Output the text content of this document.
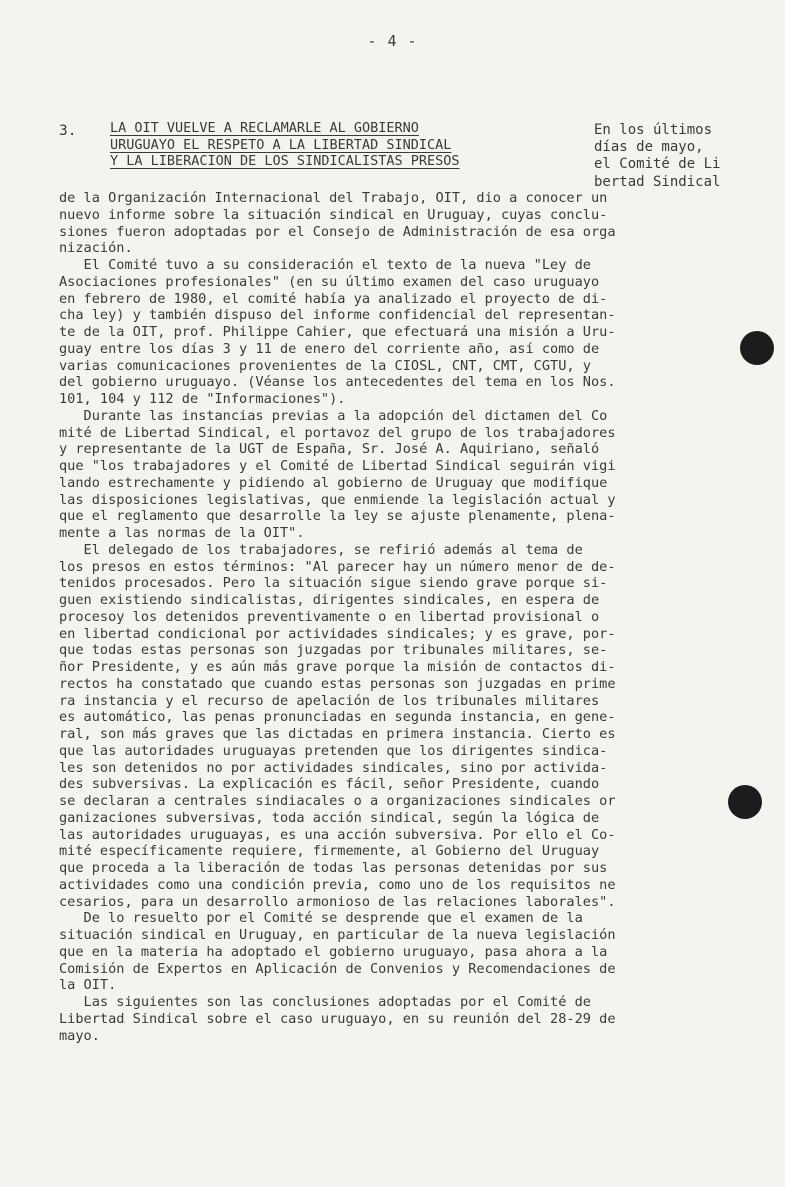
- 4 -
3. LA OIT VUELVE A RECLAMARLE AL GOBIERNO
URUGUAYO EL RESPETO A LA LIBERTAD SINDICAL
Y LA LIBERACION DE LOS SINDICALISTAS PRESOS
En los últimos
días de mayo,
el Comité de Li
bertad Sindical
de la Organización Internacional del Trabajo, OIT, dio a conocer un
nuevo informe sobre la situación sindical en Uruguay, cuyas conclu-
siones fueron adoptadas por el Consejo de Administración de esa orga
nización.
El Comité tuvo a su consideración el texto de la nueva "Ley de
Asociaciones profesionales" (en su último examen del caso uruguayo
en febrero de 1980, el comité había ya analizado el proyecto de di-
cha ley) y también dispuso del informe confidencial del representan-
te de la OIT, prof. Philippe Cahier, que efectuará una misión a Uru-
guay entre los días 3 y 11 de enero del corriente año, así como de
varias comunicaciones provenientes de la CIOSL, CNT, CMT, CGTU, y
del gobierno uruguayo. (Véanse los antecedentes del tema en los Nos.
101, 104 y 112 de "Informaciones").
Durante las instancias previas a la adopción del dictamen del Co
mité de Libertad Sindical, el portavoz del grupo de los trabajadores
y representante de la UGT de España, Sr. José A. Aquiriano, señaló
que "los trabajadores y el Comité de Libertad Sindical seguirán vigi
lando estrechamente y pidiendo al gobierno de Uruguay que modifique
las disposiciones legislativas, que enmiende la legislación actual y
que el reglamento que desarrolle la ley se ajuste plenamente, plena-
mente a las normas de la OIT".
El delegado de los trabajadores, se refirió además al tema de
los presos en estos términos: "Al parecer hay un número menor de de-
tenidos procesados. Pero la situación sigue siendo grave porque si-
guen existiendo sindicalistas, dirigentes sindicales, en espera de
procesoy los detenidos preventivamente o en libertad provisional o
en libertad condicional por actividades sindicales; y es grave, por-
que todas estas personas son juzgadas por tribunales militares, se-
ñor Presidente, y es aún más grave porque la misión de contactos di-
rectos ha constatado que cuando estas personas son juzgadas en prime
ra instancia y el recurso de apelación de los tribunales militares
es automático, las penas pronunciadas en segunda instancia, en gene-
ral, son más graves que las dictadas en primera instancia. Cierto es
que las autoridades uruguayas pretenden que los dirigentes sindica-
les son detenidos no por actividades sindicales, sino por activida-
des subversivas. La explicación es fácil, señor Presidente, cuando
se declaran a centrales sindiacales o a organizaciones sindicales or
ganizaciones subversivas, toda acción sindical, según la lógica de
las autoridades uruguayas, es una acción subversiva. Por ello el Co-
mité específicamente requiere, firmemente, al Gobierno del Uruguay
que proceda a la liberación de todas las personas detenidas por sus
actividades como una condición previa, como uno de los requisitos ne
cesarios, para un desarrollo armonioso de las relaciones laborales".
De lo resuelto por el Comité se desprende que el examen de la
situación sindical en Uruguay, en particular de la nueva legislación
que en la materia ha adoptado el gobierno uruguayo, pasa ahora a la
Comisión de Expertos en Aplicación de Convenios y Recomendaciones de
la OIT.
Las siguientes son las conclusiones adoptadas por el Comité de
Libertad Sindical sobre el caso uruguayo, en su reunión del 28-29 de
mayo.
